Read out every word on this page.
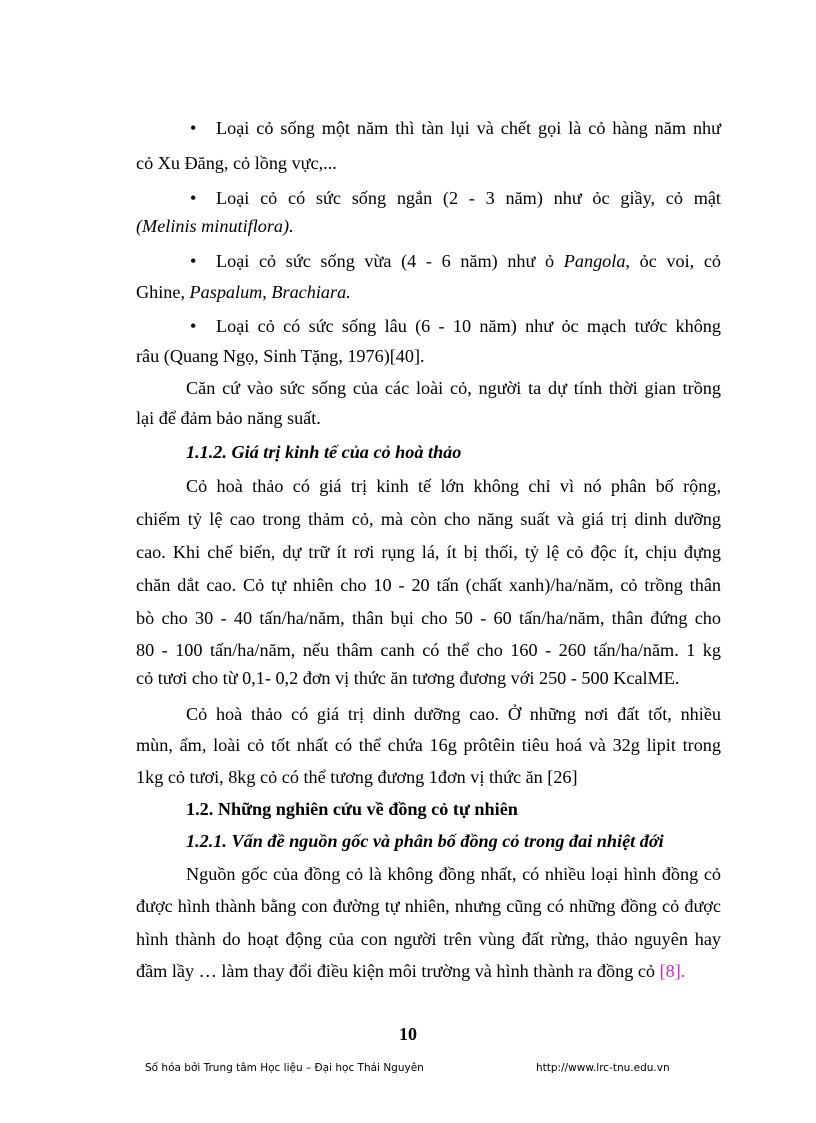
• Loại cỏ sống một năm thì tàn lụi và chết gọi là cỏ hàng năm như
cỏ Xu Đăng, cỏ lồng vực,...
• Loại cỏ có sức sống ngắn (2 - 3 năm) như ỏc giầy, cỏ mật
(Melinis minutiflora).
• Loại cỏ sức sống vừa (4 - 6 năm) như ỏ Pangola, ỏc voi, cỏ
Ghine, Paspalum, Brachiara.
• Loại cỏ có sức sống lâu (6 - 10 năm) như ỏc mạch tước không
râu (Quang Ngọ, Sinh Tặng, 1976)[40].
Căn cứ vào sức sống của các loài cỏ, người ta dự tính thời gian trồng
lại để đảm bảo năng suất.
1.1.2. Giá trị kinh tế của cỏ hoà thảo
Cỏ hoà thảo có giá trị kinh tế lớn không chỉ vì nó phân bố rộng,
chiếm tỷ lệ cao trong thảm cỏ, mà còn cho năng suất và giá trị dinh dưỡng
cao. Khi chế biến, dự trữ ít rơi rụng lá, ít bị thối, tỷ lệ cỏ độc ít, chịu đựng
chăn dắt cao. Cỏ tự nhiên cho 10 - 20 tấn (chất xanh)/ha/năm, cỏ trồng thân
bò cho 30 - 40 tấn/ha/năm, thân bụi cho 50 - 60 tấn/ha/năm, thân đứng cho
80 - 100 tấn/ha/năm, nếu thâm canh có thể cho 160 - 260 tấn/ha/năm. 1 kg
cỏ tươi cho từ 0,1- 0,2 đơn vị thức ăn tương đương với 250 - 500 KcalME.
Cỏ hoà thảo có giá trị dinh dưỡng cao. Ở những nơi đất tốt, nhiều
mùn, ẩm, loài cỏ tốt nhất có thể chứa 16g prôtêin tiêu hoá và 32g lipit trong
1kg cỏ tươi, 8kg cỏ có thể tương đương 1đơn vị thức ăn [26]
1.2. Những nghiên cứu về đồng cỏ tự nhiên
1.2.1. Vấn đề nguồn gốc và phân bố đồng cỏ trong đai nhiệt đới
Nguồn gốc của đồng cỏ là không đồng nhất, có nhiều loại hình đồng cỏ
được hình thành bằng con đường tự nhiên, nhưng cũng có những đồng cỏ được
hình thành do hoạt động của con người trên vùng đất rừng, thảo nguyên hay
đầm lầy … làm thay đổi điều kiện môi trường và hình thành ra đồng cỏ [8].
10
Số hóa bởi Trung tâm Học liệu – Đại học Thái Nguyên	http://www.lrc-tnu.edu.vn
